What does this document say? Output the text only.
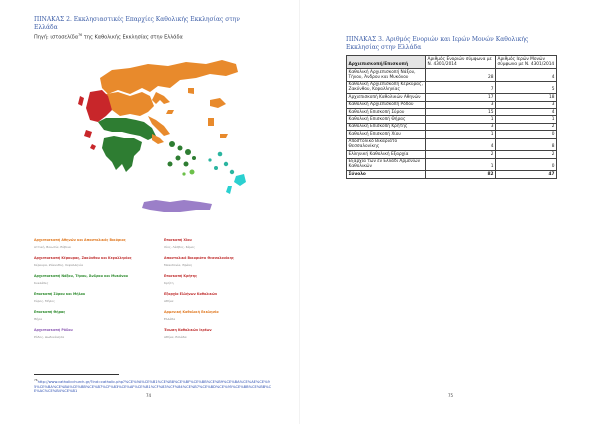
ΠΙΝΑΚΑΣ 2. Εκκλησιαστικές Επαρχίες Καθολικής Εκκλησίας στην
Ελλάδα
Πηγή: ιστοσελίδα$^{76}$ της Καθολικής Εκκλησίας στην Ελλάδα
Αρχιεπισκοπή Αθηνών και Αποστολικός Βικάριος
Αττική, Βοιωτία, Εύβοια
Αρχιεπισκοπή Κέρκυρας, Ζακύνθου και Κεφαλληνίας
Κέρκυρα, Ζάκυνθος, Κεφαλληνία
Αρχιεπισκοπή Νάξου, Τήνου, Άνδρου και Μυκόνου
Κυκλάδες
Επισκοπή Σύρου και Μήλου
Σύρος, Μήλος
Επισκοπή Θήρας
Θήρα
Αρχιεπισκοπή Ρόδου
Ρόδος, Δωδεκάνησα
Επισκοπή Χίου
Χίος, Λέσβος, Σάμος
Αποστολικό Βικαριάτο Θεσσαλονίκης
Μακεδονία, Θράκη
Επισκοπή Κρήτης
Κρήτη
Εξαρχία Ελλήνων Καθολικών
Αθήνα
Αρμενική Καθολική Εκκλησία
Ελλάδα
Ένωση Καθολικών Ιερέων
Αθήνα, Ελλάδα
$^{76}$http://www.catholicchurch.gr/?lnd=catholic.php?%CE%9A%CE%B1%CE%B8%CE%BF%CE%BB%CE%B9%CE%BA%CE%AE%CE%95%CE%BA%CE%BA%CE%BB%CE%B7%CF%83%CE%AF%CE%B1%CF%83%CF%84%CE%B7%CE%BD%CE%95%CE%BB%CE%BB%CE%AC%CE%B4%CE%B1
74
ΠΙΝΑΚΑΣ 3. Αριθμός Ενοριών και Ιερών Μονών Καθολικής
Εκκλησίας στην Ελλάδα
Αρχιεπισκοπή/Επισκοπή	Αριθμός Ενοριών σύμφωνα με Ν. 4301/2014	Αριθμός Ιερών Μονών σύμφωνα με Ν. 4301/2014
Καθολική Αρχιεπισκοπή Νάξου, Τήνου, Άνδρου και Μυκόνου	28	4
Καθολική Αρχιεπισκοπή Κερκύρας, Ζακύνθου, Κεφαλληνίας	7	5
Αρχιεπισκοπή Καθολικών Αθηνών	17	18
Καθολική Αρχιεπισκοπή Ρόδου	3	3
Καθολική Επισκοπή Σύρου	15	4
Καθολική Επισκοπή Θήρας	1	1
Καθολική Επισκοπή Κρήτης	3	2
Καθολική Επισκοπή Χίου	1	0
Αποστολικό Βικαριάτο Θεσσαλονίκης	4	8
Ελληνική Καθολική Εξαρχία	2	2
Εξαρχία των εν Ελλάδι Αρμενίων Καθολικών	1	0
Σύνολο	82	47
75
